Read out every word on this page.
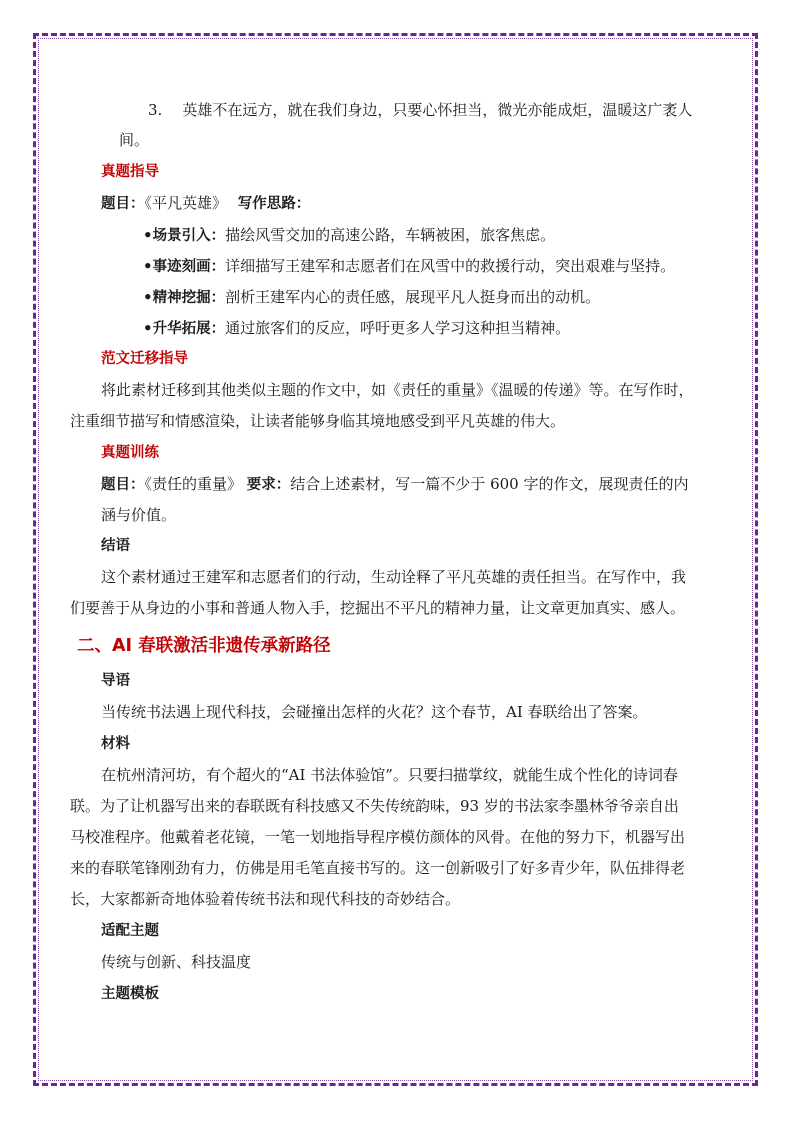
3. 英雄不在远方，就在我们身边，只要心怀担当，微光亦能成炬，温暖这广袤人
间。
真题指导
题目：《平凡英雄》 写作思路：
•场景引入：描绘风雪交加的高速公路，车辆被困，旅客焦虑。
•事迹刻画：详细描写王建军和志愿者们在风雪中的救援行动，突出艰难与坚持。
•精神挖掘：剖析王建军内心的责任感，展现平凡人挺身而出的动机。
•升华拓展：通过旅客们的反应，呼吁更多人学习这种担当精神。
范文迁移指导
将此素材迁移到其他类似主题的作文中，如《责任的重量》《温暖的传递》等。在写作时，
注重细节描写和情感渲染，让读者能够身临其境地感受到平凡英雄的伟大。
真题训练
题目：《责任的重量》 要求：结合上述素材，写一篇不少于 600 字的作文，展现责任的内
涵与价值。
结语
这个素材通过王建军和志愿者们的行动，生动诠释了平凡英雄的责任担当。在写作中，我
们要善于从身边的小事和普通人物入手，挖掘出不平凡的精神力量，让文章更加真实、感人。
二、AI 春联激活非遗传承新路径
导语
当传统书法遇上现代科技，会碰撞出怎样的火花？这个春节，AI 春联给出了答案。
材料
在杭州清河坊，有个超火的“AI 书法体验馆”。只要扫描掌纹，就能生成个性化的诗词春
联。为了让机器写出来的春联既有科技感又不失传统韵味，93 岁的书法家李墨林爷爷亲自出
马校准程序。他戴着老花镜，一笔一划地指导程序模仿颜体的风骨。在他的努力下，机器写出
来的春联笔锋刚劲有力，仿佛是用毛笔直接书写的。这一创新吸引了好多青少年，队伍排得老
长，大家都新奇地体验着传统书法和现代科技的奇妙结合。
适配主题
传统与创新、科技温度
主题模板
